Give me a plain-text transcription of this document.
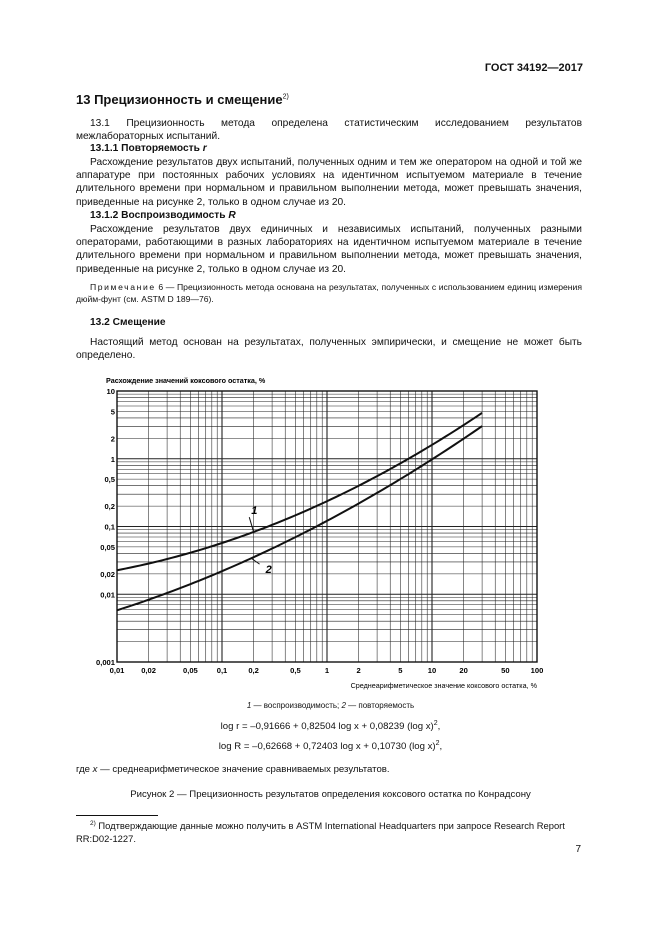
ГОСТ 34192—2017
13 Прецизионность и смещение$^{2)}$
13.1 Прецизионность метода определена статистическим исследованием результатов межлабораторных испытаний.
13.1.1 Повторяемость r
Расхождение результатов двух испытаний, полученных одним и тем же оператором на одной и той же аппаратуре при постоянных рабочих условиях на идентичном испытуемом материале в течение длительного времени при нормальном и правильном выполнении метода, может превышать значения, приведенные на рисунке 2, только в одном случае из 20.
13.1.2 Воспроизводимость R
Расхождение результатов двух единичных и независимых испытаний, полученных разными операторами, работающими в разных лабораториях на идентичном испытуемом материале в течение длительного времени при нормальном и правильном выполнении метода, может превышать значения, приведенные на рисунке 2, только в одном случае из 20.
Примечание 6 — Прецизионность метода основана на результатах, полученных с использованием единиц измерения дюйм-фунт (см. ASTM D 189—76).
13.2 Смещение
Настоящий метод основан на результатах, полученных эмпирически, и смещение не может быть определено.
Расхождение значений коксового остатка, %
Среднеарифметическое значение коксового остатка, %
0,01 0,02	0,05 0,1	0,2	0,5	1	2	5	10	20	50	100
0,001
0,01
0,02
0,05
0,1
0,2
0,5
1
2
5
10
1
2
1 — воспроизводимость; 2 — повторяемость
log r = –0,91666 + 0,82504 log x + 0,08239 (log x)$^2$,
log R = –0,62668 + 0,72403 log x + 0,10730 (log x)$^2$,
где x — среднеарифметическое значение сравниваемых результатов.
Рисунок 2 — Прецизионность результатов определения коксового остатка по Конрадсону
$^{2)}$ Подтверждающие данные можно получить в ASTM International Headquarters при запросе Research Report RR:D02-1227.
7
